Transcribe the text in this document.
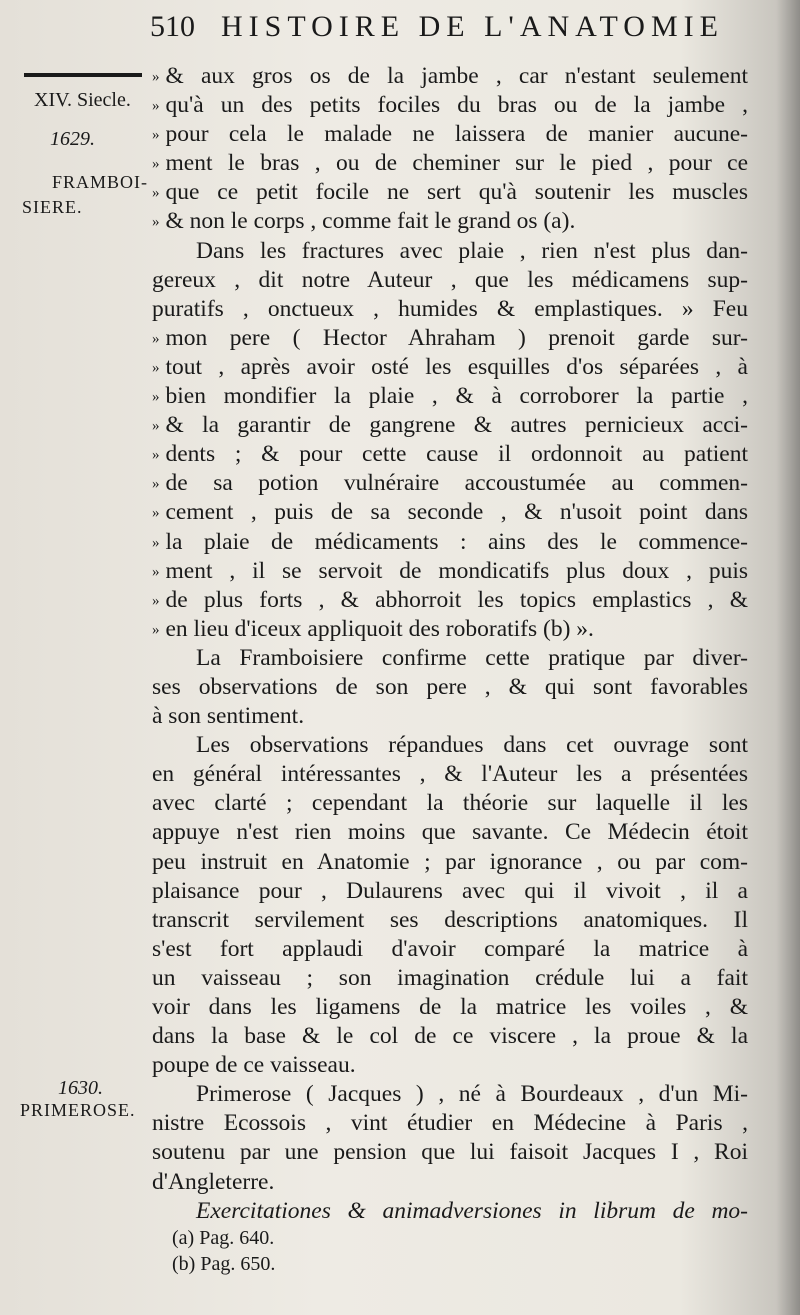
510 HISTOIRE DE L'ANATOMIE
XIV. Siecle.
1629.
FRAMBOI-
SIERE.
1630.
PRIMEROSE.
» & aux gros os de la jambe , car n'estant seulement
» qu'à un des petits fociles du bras ou de la jambe ,
» pour cela le malade ne laissera de manier aucune-
» ment le bras , ou de cheminer sur le pied , pour ce
» que ce petit focile ne sert qu'à soutenir les muscles
» & non le corps , comme fait le grand os (a).
Dans les fractures avec plaie , rien n'est plus dan-
gereux , dit notre Auteur , que les médicamens sup-
puratifs , onctueux , humides & emplastiques. » Feu
» mon pere ( Hector Ahraham ) prenoit garde sur-
» tout , après avoir osté les esquilles d'os séparées , à
» bien mondifier la plaie , & à corroborer la partie ,
» & la garantir de gangrene & autres pernicieux acci-
» dents ; & pour cette cause il ordonnoit au patient
» de sa potion vulnéraire accoustumée au commen-
» cement , puis de sa seconde , & n'usoit point dans
» la plaie de médicaments : ains des le commence-
» ment , il se servoit de mondicatifs plus doux , puis
» de plus forts , & abhorroit les topics emplastics , &
» en lieu d'iceux appliquoit des roboratifs (b) ».
La Framboisiere confirme cette pratique par diver-
ses observations de son pere , & qui sont favorables
à son sentiment.
Les observations répandues dans cet ouvrage sont
en général intéressantes , & l'Auteur les a présentées
avec clarté ; cependant la théorie sur laquelle il les
appuye n'est rien moins que savante. Ce Médecin étoit
peu instruit en Anatomie ; par ignorance , ou par com-
plaisance pour , Dulaurens avec qui il vivoit , il a
transcrit servilement ses descriptions anatomiques. Il
s'est fort applaudi d'avoir comparé la matrice à
un vaisseau ; son imagination crédule lui a fait
voir dans les ligamens de la matrice les voiles , &
dans la base & le col de ce viscere , la proue & la
poupe de ce vaisseau.
Primerose ( Jacques ) , né à Bourdeaux , d'un Mi-
nistre Ecossois , vint étudier en Médecine à Paris ,
soutenu par une pension que lui faisoit Jacques I , Roi
d'Angleterre.
Exercitationes & animadversiones in librum de mo-
(a) Pag. 640.
(b) Pag. 650.
